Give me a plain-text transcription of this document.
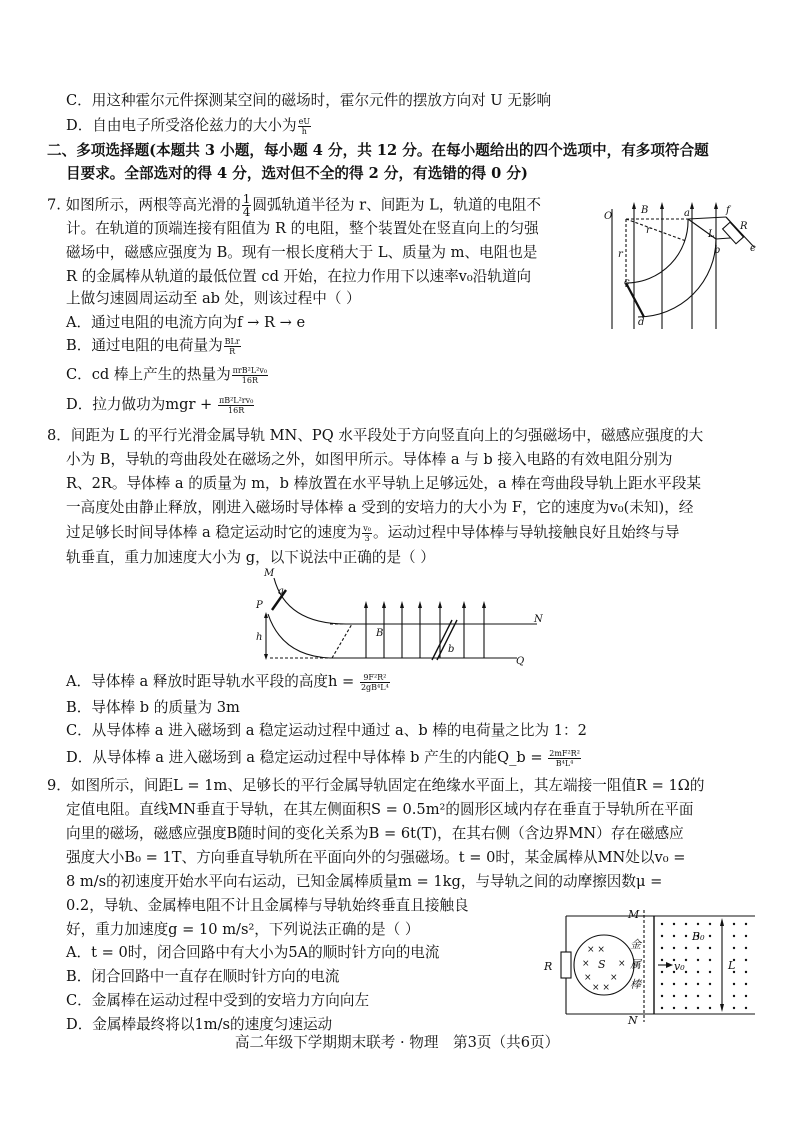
C．用这种霍尔元件探测某空间的磁场时，霍尔元件的摆放方向对 U 无影响
D．自由电子所受洛伦兹力的大小为 $\frac{eU}{h}$
二、多项选择题(本题共 3 小题，每小题 4 分，共 12 分。在每小题给出的四个选项中，有多项符合题
目要求。全部选对的得 4 分，选对但不全的得 2 分，有选错的得 0 分)
7. 如图所示，两根等高光滑的 $\frac{1}{4}$ 圆弧轨道半径为 r、间距为 L，轨道的电阻不
计。在轨道的顶端连接有阻值为 R 的电阻，整个装置处在竖直向上的匀强
磁场中，磁感应强度为 B。现有一根长度稍大于 L、质量为 m、电阻也是
R 的金属棒从轨道的最低位置 cd 开始，在拉力作用下以速率v₀沿轨道向
上做匀速圆周运动至 ab 处，则该过程中（ ）
A．通过电阻的电流方向为f → R → e
B．通过电阻的电荷量为 $\frac{\text{BLr}}{R}$
C．cd 棒上产生的热量为 $\frac{\text{πrB²L²v₀}}{16R}$
D．拉力做功为mgr + $\frac{\text{πB²L²rv₀}}{16R}$
8．间距为 L 的平行光滑金属导轨 MN、PQ 水平段处于方向竖直向上的匀强磁场中，磁感应强度的大
小为 B，导轨的弯曲段处在磁场之外，如图甲所示。导体棒 a 与 b 接入电路的有效电阻分别为
R、2R。导体棒 a 的质量为 m，b 棒放置在水平导轨上足够远处，a 棒在弯曲段导轨上距水平段某
一高度处由静止释放，刚进入磁场时导体棒 a 受到的安培力的大小为 F，它的速度为v₀(未知)，经
过足够长时间导体棒 a 稳定运动时它的速度为 $\frac{\text{v₀}}{3}$ 。运动过程中导体棒与导轨接触良好且始终与导
轨垂直，重力加速度大小为 g，以下说法中正确的是（ ）
A．导体棒 a 释放时距导轨水平段的高度$h = \frac{\text{9F²R²}}{\text{2gB⁴L⁴}}$
B．导体棒 b 的质量为 3m
C．从导体棒 a 进入磁场到 a 稳定运动过程中通过 a、b 棒的电荷量之比为 1：2
D．从导体棒 a 进入磁场到 a 稳定运动过程中导体棒 b 产生的内能Q_b = $\frac{\text{2mF²R²}}{\text{B⁴L⁴}}$
9．如图所示，间距L = 1m、足够长的平行金属导轨固定在绝缘水平面上，其左端接一阻值R = 1Ω的
定值电阻。直线MN垂直于导轨，在其左侧面积S = 0.5m²的圆形区域内存在垂直于导轨所在平面
向里的磁场，磁感应强度B随时间的变化关系为B = 6t(T)，在其右侧（含边界MN）存在磁感应
强度大小B₀ = 1T、方向垂直导轨所在平面向外的匀强磁场。t = 0时，某金属棒从MN处以v₀ =
8 m/s的初速度开始水平向右运动，已知金属棒质量m = 1kg，与导轨之间的动摩擦因数μ =
0.2，导轨、金属棒电阻不计且金属棒与导轨始终垂直且接触良
好，重力加速度g = 10 m/s²，下列说法正确的是（ ）
A．t = 0时，闭合回路中有大小为5A的顺时针方向的电流
B．闭合回路中一直存在顺时针方向的电流
C．金属棒在运动过程中受到的安培力方向向左
D．金属棒最终将以1m/s的速度匀速运动
O
B
r
a	f
R
L
b	e
r
c
d
M
a
P
h	B
b
N
Q
× ×
×	×
× ×
× ×
M
B₀
R	S
金
属
棒
v₀	L
N
高二年级下学期期末联考 · 物理　第3页（共6页）
